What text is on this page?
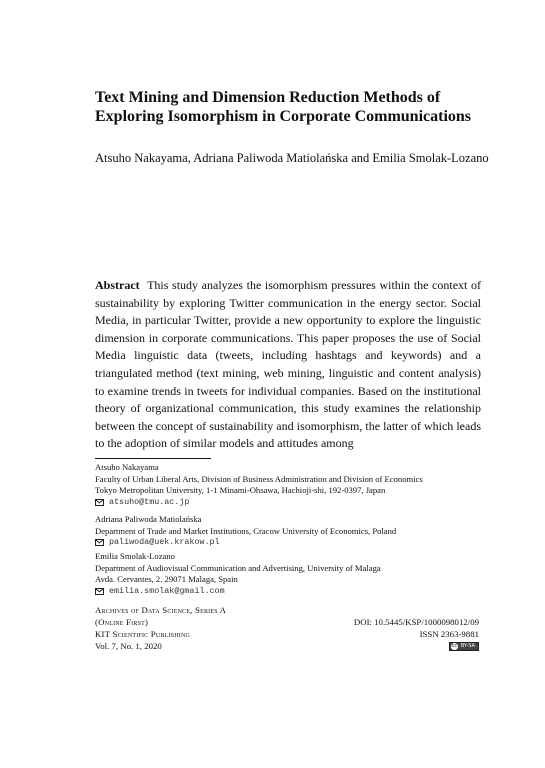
Text Mining and Dimension Reduction Methods of Exploring Isomorphism in Corporate Communications
Atsuho Nakayama, Adriana Paliwoda Matiolańska and Emilia Smolak-Lozano
Abstract This study analyzes the isomorphism pressures within the context of sustainability by exploring Twitter communication in the energy sector. Social Media, in particular Twitter, provide a new opportunity to explore the linguistic dimension in corporate communications. This paper proposes the use of Social Media linguistic data (tweets, including hashtags and keywords) and a triangulated method (text mining, web mining, linguistic and content analysis) to examine trends in tweets for individual companies. Based on the institutional theory of organizational communication, this study examines the relationship between the concept of sustainability and isomorphism, the latter of which leads to the adoption of similar models and attitudes among
Atsuho Nakayama
Faculty of Urban Liberal Arts, Division of Business Administration and Division of Economics
Tokyo Metropolitan University, 1-1 Minami-Ohsawa, Hachioji-shi, 192-0397, Japan
atsuho@tmu.ac.jp
Adriana Paliwoda Matiolańska
Department of Trade and Market Institutions, Cracow University of Economics, Poland
paliwoda@uek.krakow.pl
Emilia Smolak-Lozano
Department of Audiovisual Communication and Advertising, University of Malaga
Avda. Cervantes, 2. 29071 Malaga, Spain
emilia.smolak@gmail.com
Archives of Data Science, Series A
(Online First)	DOI: 10.5445/KSP/1000098012/09
KIT Scientific Publishing	ISSN 2363-9881
Vol. 7, No. 1, 2020	cc BY-SA
